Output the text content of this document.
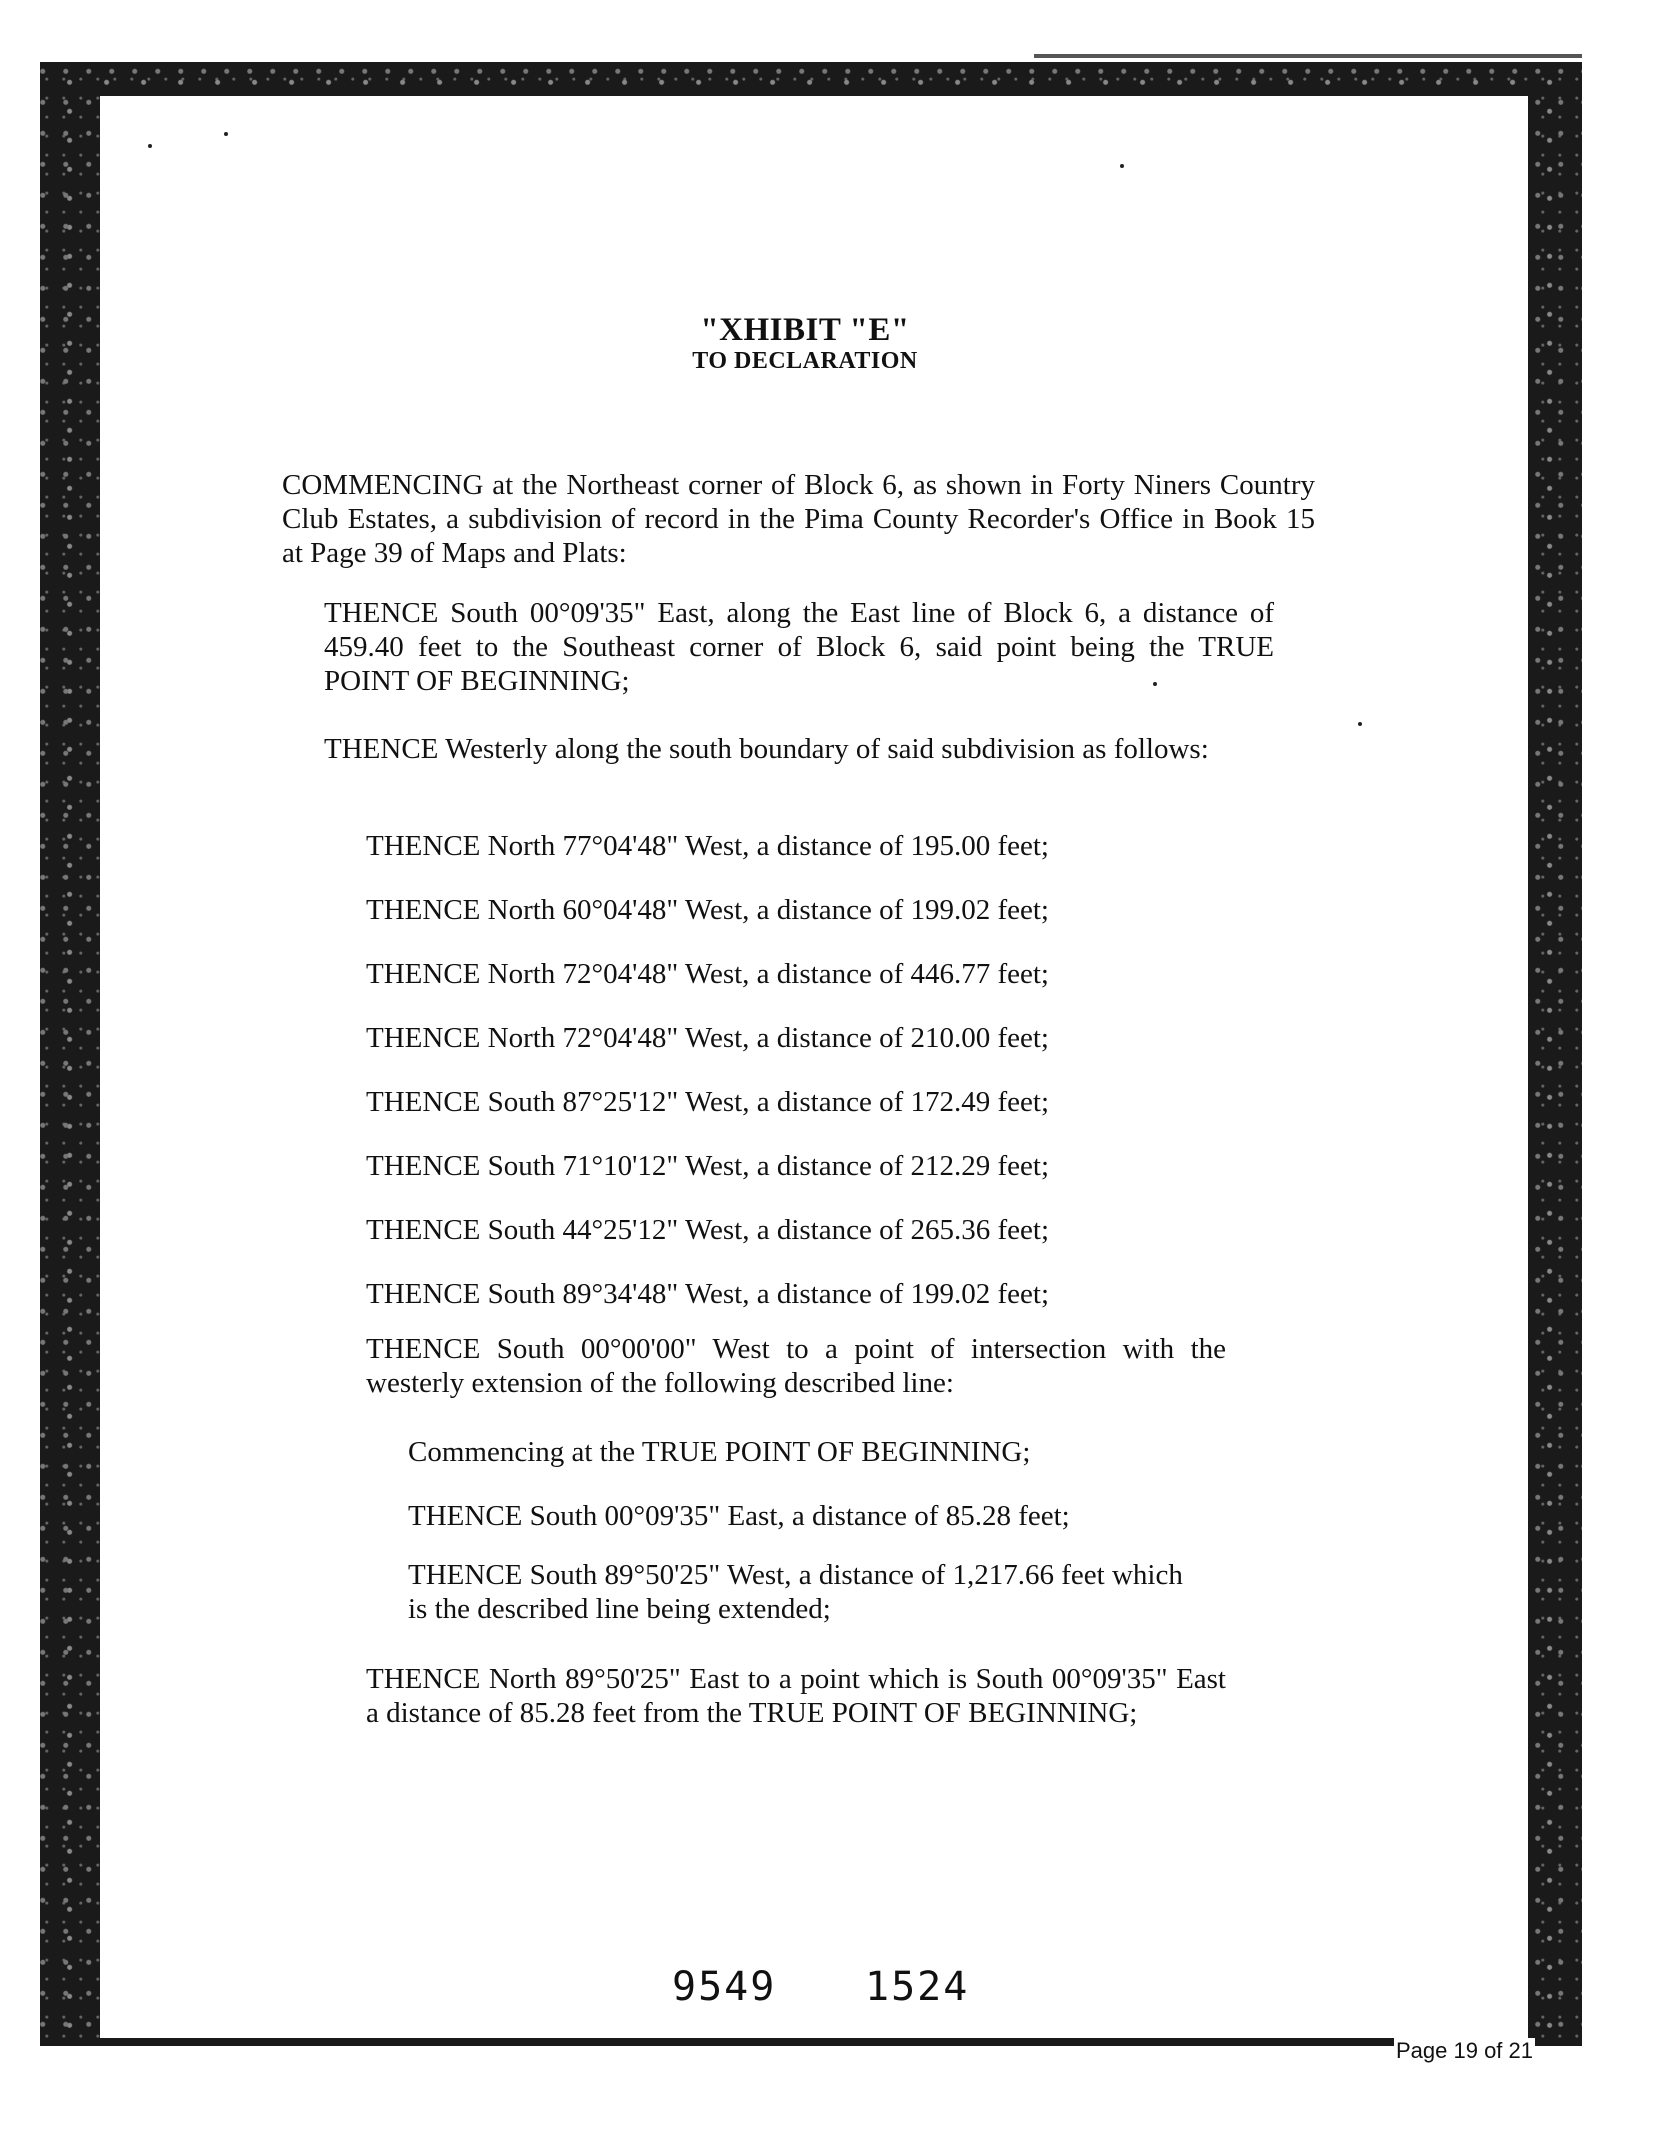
"XHIBIT "E"
TO DECLARATION

COMMENCING at the Northeast corner of Block 6, as shown in Forty Niners Country Club Estates, a subdivision of record in the Pima County Recorder's Office in Book 15 at Page 39 of Maps and Plats:

THENCE South 00°09'35" East, along the East line of Block 6, a distance of 459.40 feet to the Southeast corner of Block 6, said point being the TRUE POINT OF BEGINNING;

THENCE Westerly along the south boundary of said subdivision as follows:

THENCE North 77°04'48" West, a distance of 195.00 feet;

THENCE North 60°04'48" West, a distance of 199.02 feet;

THENCE North 72°04'48" West, a distance of 446.77 feet;

THENCE North 72°04'48" West, a distance of 210.00 feet;

THENCE South 87°25'12" West, a distance of 172.49 feet;

THENCE South 71°10'12" West, a distance of 212.29 feet;

THENCE South 44°25'12" West, a distance of 265.36 feet;

THENCE South 89°34'48" West, a distance of 199.02 feet;

THENCE South 00°00'00" West to a point of intersection with the westerly extension of the following described line:

Commencing at the TRUE POINT OF BEGINNING;

THENCE South 00°09'35" East, a distance of 85.28 feet;

THENCE South 89°50'25" West, a distance of 1,217.66 feet which is the described line being extended;

THENCE North 89°50'25" East to a point which is South 00°09'35" East a distance of 85.28 feet from the TRUE POINT OF BEGINNING;

9549 1524
Page 19 of 21
